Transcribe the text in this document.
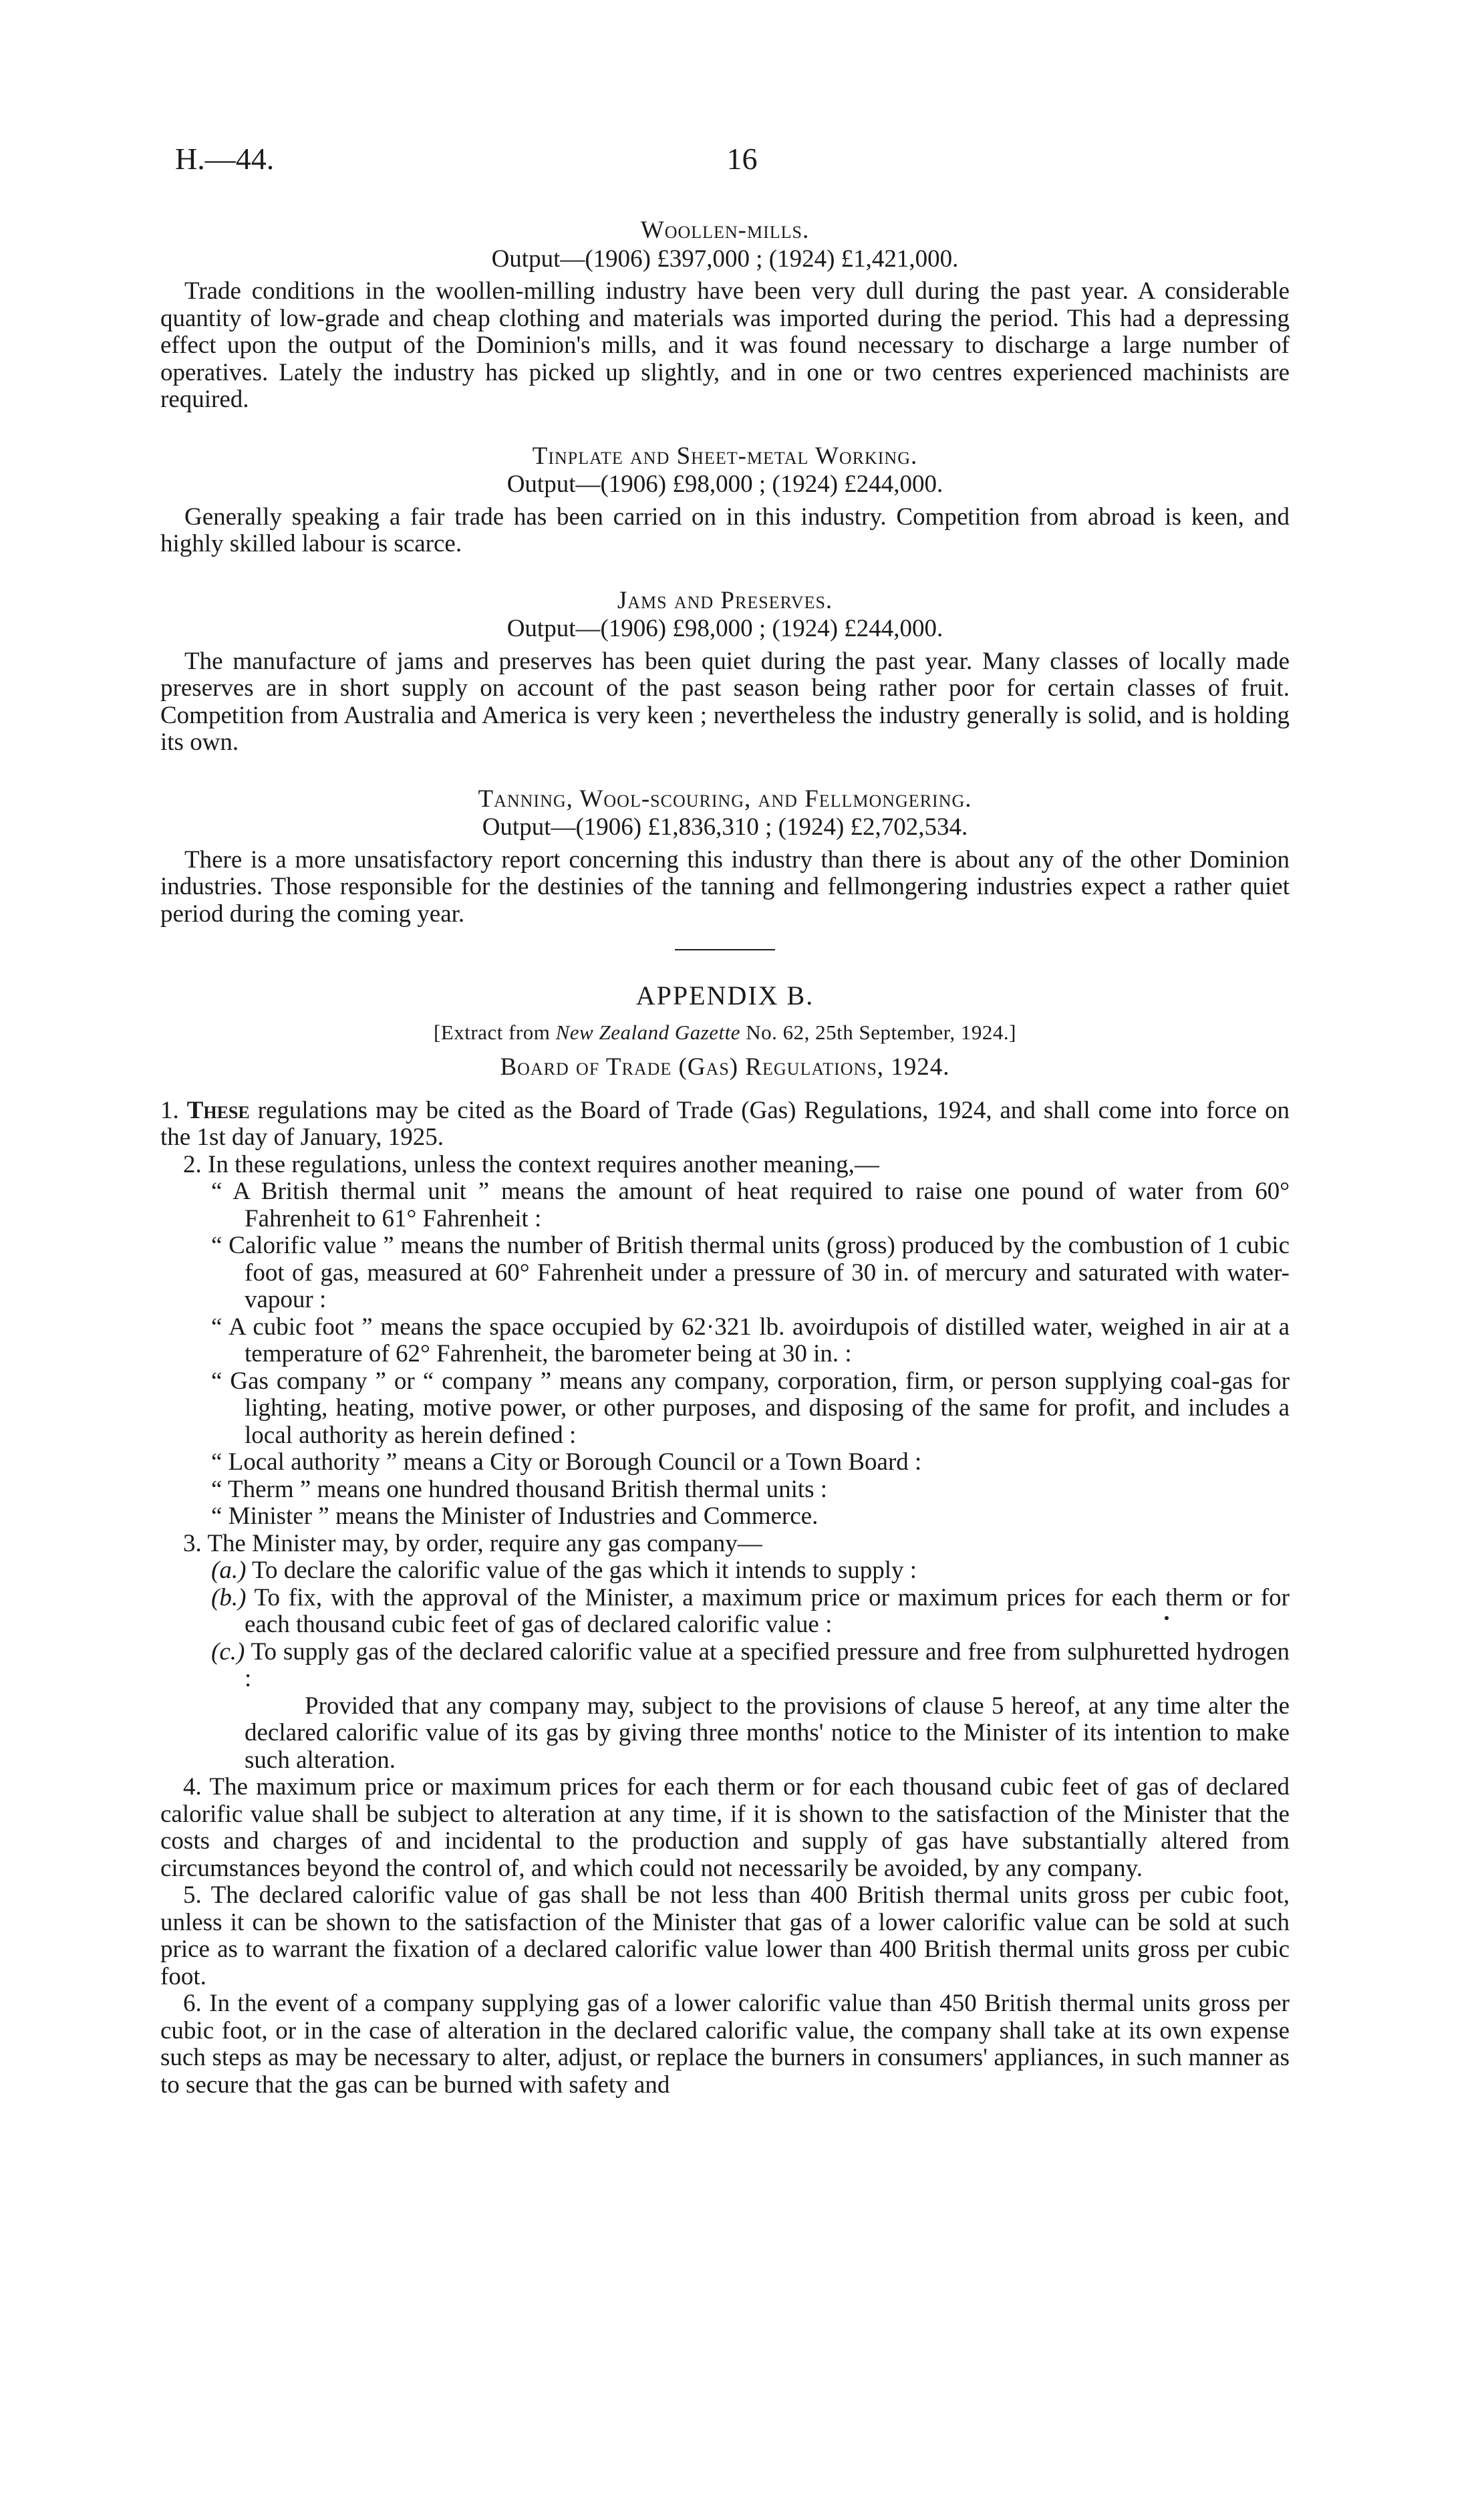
H.—44.	16

Woollen-mills.

Output—(1906) £397,000 ; (1924) £1,421,000.

Trade conditions in the woollen-milling industry have been very dull during the past year. A considerable quantity of low-grade and cheap clothing and materials was imported during the period. This had a depressing effect upon the output of the Dominion's mills, and it was found necessary to discharge a large number of operatives. Lately the industry has picked up slightly, and in one or two centres experienced machinists are required.

Tinplate and Sheet-metal Working.

Output—(1906) £98,000 ; (1924) £244,000.

Generally speaking a fair trade has been carried on in this industry. Competition from abroad is keen, and highly skilled labour is scarce.

Jams and Preserves.

Output—(1906) £98,000 ; (1924) £244,000.

The manufacture of jams and preserves has been quiet during the past year. Many classes of locally made preserves are in short supply on account of the past season being rather poor for certain classes of fruit. Competition from Australia and America is very keen ; nevertheless the industry generally is solid, and is holding its own.

Tanning, Wool-scouring, and Fellmongering.

Output—(1906) £1,836,310 ; (1924) £2,702,534.

There is a more unsatisfactory report concerning this industry than there is about any of the other Dominion industries. Those responsible for the destinies of the tanning and fellmongering industries expect a rather quiet period during the coming year.

APPENDIX B.

[Extract from New Zealand Gazette No. 62, 25th September, 1924.]

Board of Trade (Gas) Regulations, 1924.

1. These regulations may be cited as the Board of Trade (Gas) Regulations, 1924, and shall come into force on the 1st day of January, 1925.

2. In these regulations, unless the context requires another meaning,—

“ A British thermal unit ” means the amount of heat required to raise one pound of water from 60° Fahrenheit to 61° Fahrenheit :

“ Calorific value ” means the number of British thermal units (gross) produced by the combustion of 1 cubic foot of gas, measured at 60° Fahrenheit under a pressure of 30 in. of mercury and saturated with water-vapour :

“ A cubic foot ” means the space occupied by 62·321 lb. avoirdupois of distilled water, weighed in air at a temperature of 62° Fahrenheit, the barometer being at 30 in. :

“ Gas company ” or “ company ” means any company, corporation, firm, or person supplying coal-gas for lighting, heating, motive power, or other purposes, and disposing of the same for profit, and includes a local authority as herein defined :

“ Local authority ” means a City or Borough Council or a Town Board :

“ Therm ” means one hundred thousand British thermal units :

“ Minister ” means the Minister of Industries and Commerce.

3. The Minister may, by order, require any gas company—

(a.) To declare the calorific value of the gas which it intends to supply :

(b.) To fix, with the approval of the Minister, a maximum price or maximum prices for each therm or for each thousand cubic feet of gas of declared calorific value :

(c.) To supply gas of the declared calorific value at a specified pressure and free from sulphuretted hydrogen :

Provided that any company may, subject to the provisions of clause 5 hereof, at any time alter the declared calorific value of its gas by giving three months' notice to the Minister of its intention to make such alteration.

4. The maximum price or maximum prices for each therm or for each thousand cubic feet of gas of declared calorific value shall be subject to alteration at any time, if it is shown to the satisfaction of the Minister that the costs and charges of and incidental to the production and supply of gas have substantially altered from circumstances beyond the control of, and which could not necessarily be avoided, by any company.

5. The declared calorific value of gas shall be not less than 400 British thermal units gross per cubic foot, unless it can be shown to the satisfaction of the Minister that gas of a lower calorific value can be sold at such price as to warrant the fixation of a declared calorific value lower than 400 British thermal units gross per cubic foot.

6. In the event of a company supplying gas of a lower calorific value than 450 British thermal units gross per cubic foot, or in the case of alteration in the declared calorific value, the company shall take at its own expense such steps as may be necessary to alter, adjust, or replace the burners in consumers' appliances, in such manner as to secure that the gas can be burned with safety and
